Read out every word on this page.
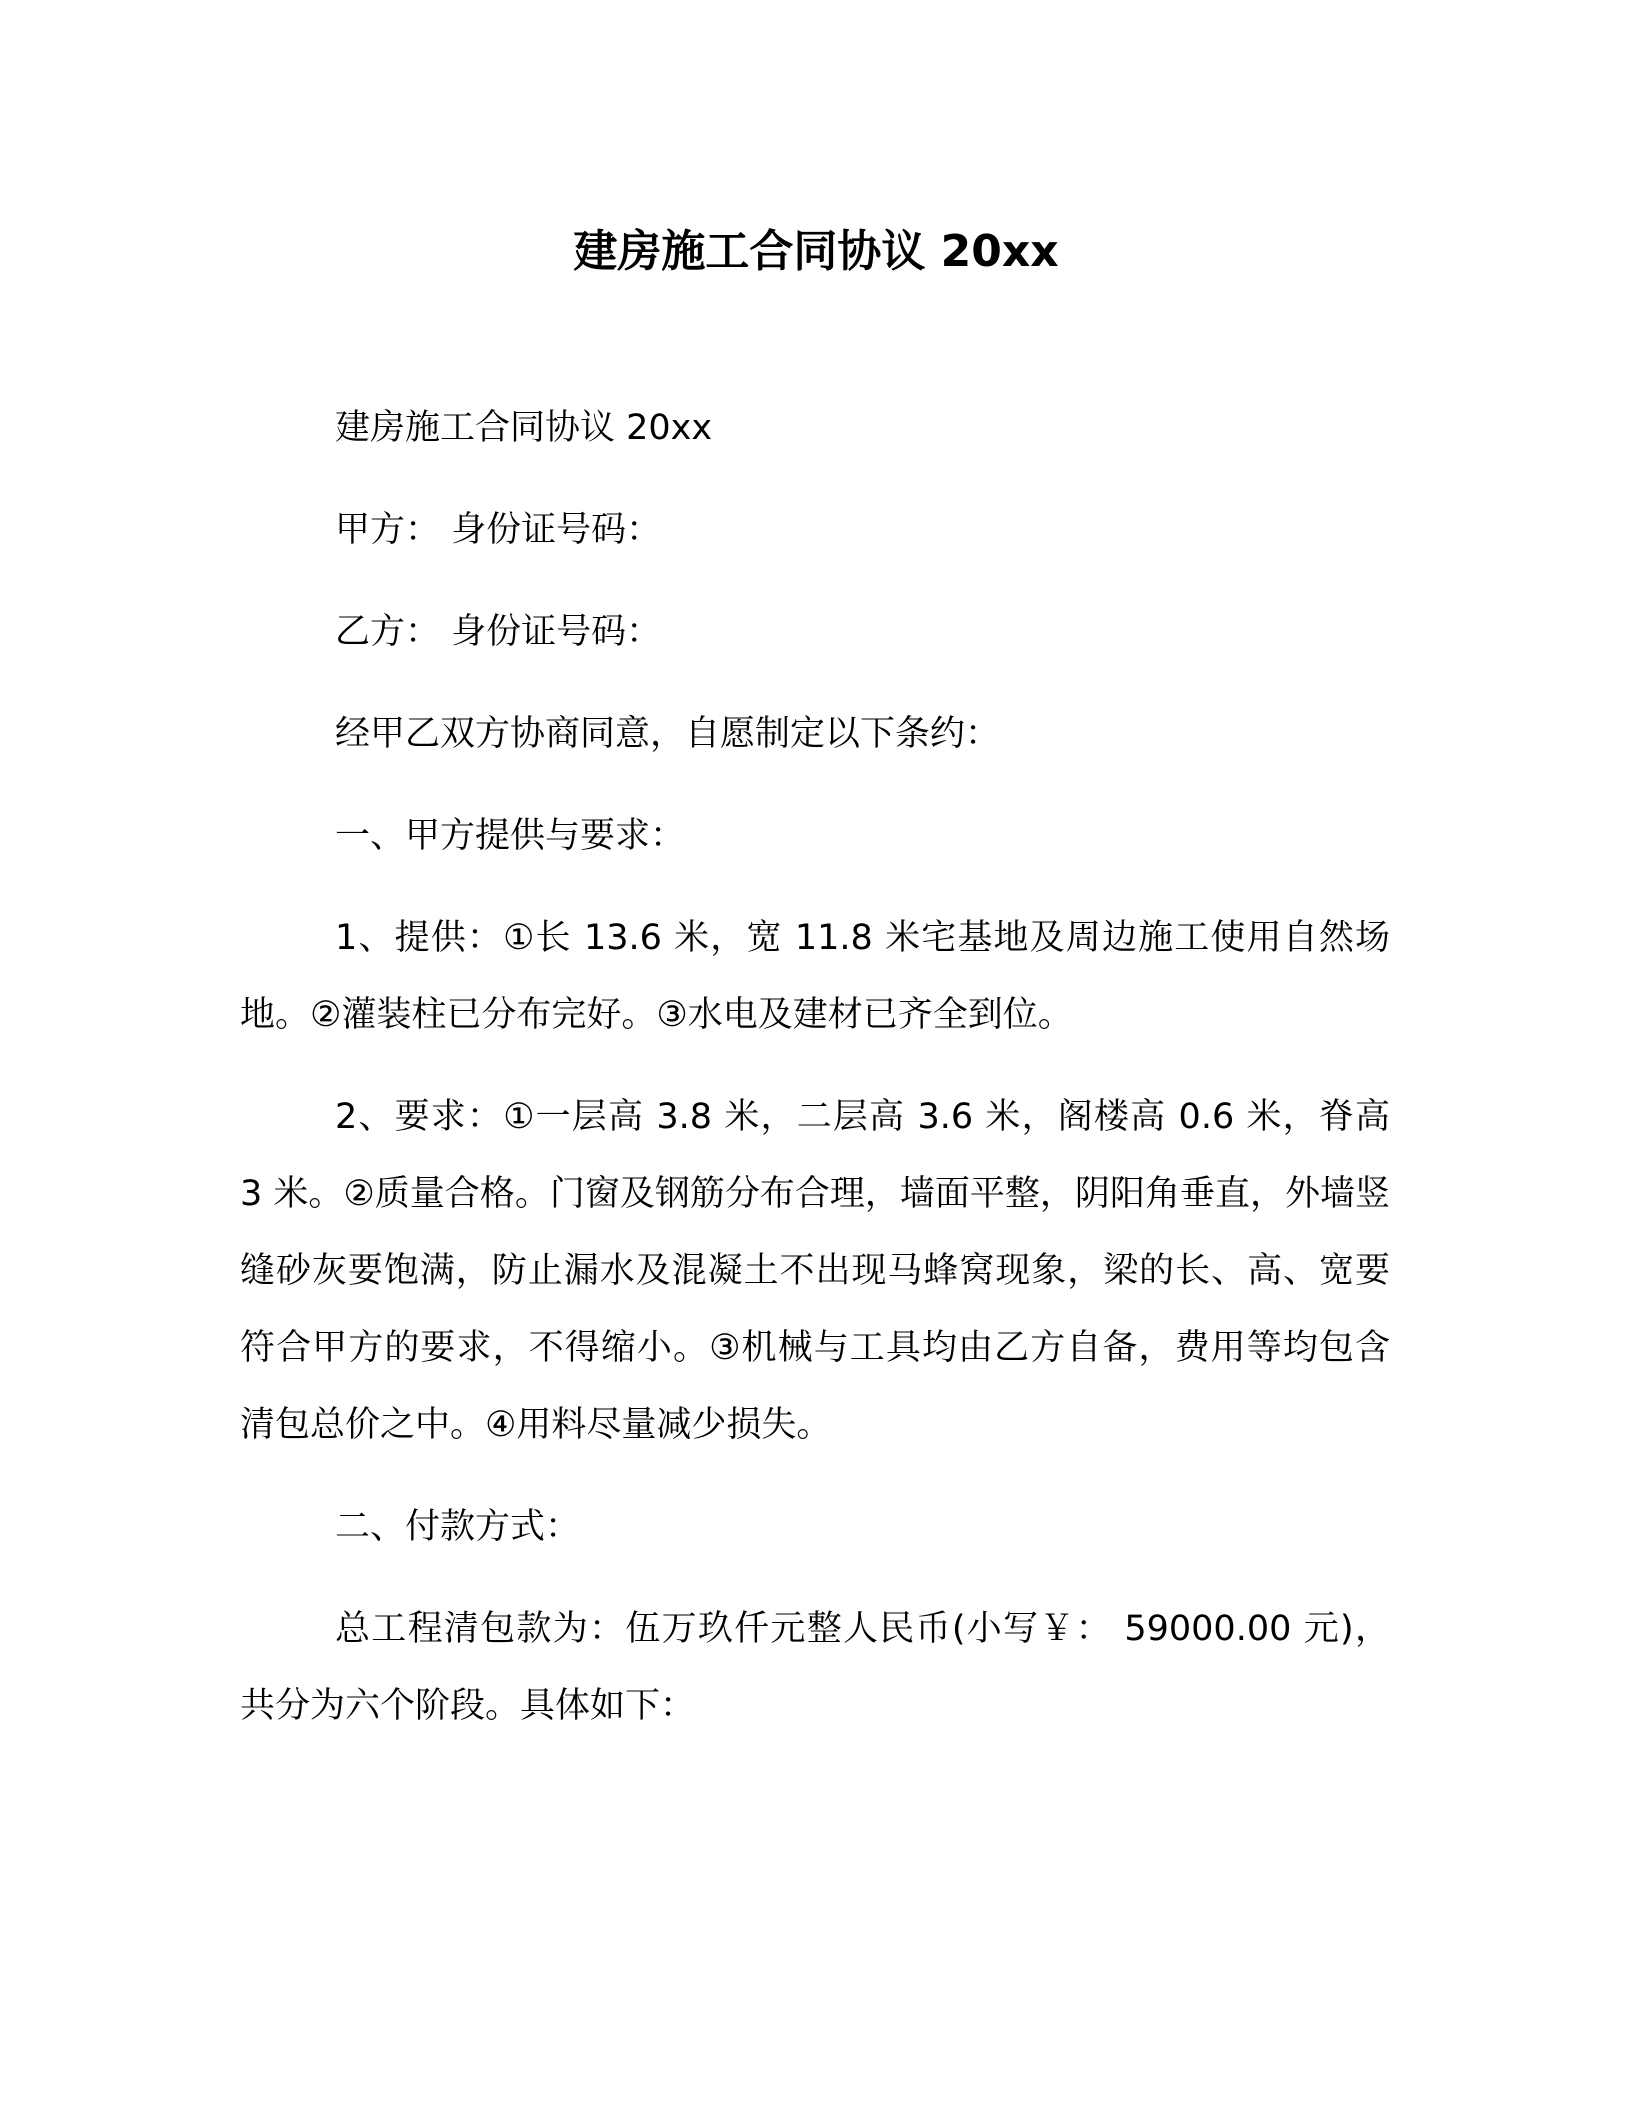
建房施工合同协议 20xx

建房施工合同协议 20xx

甲方： 身份证号码：

乙方： 身份证号码：

经甲乙双方协商同意，自愿制定以下条约：

一、甲方提供与要求：

1、提供：①长 13.6 米，宽 11.8 米宅基地及周边施工使用自然场地。②灌装柱已分布完好。③水电及建材已齐全到位。

2、要求：①一层高 3.8 米，二层高 3.6 米，阁楼高 0.6 米，脊高 3 米。②质量合格。门窗及钢筋分布合理，墙面平整，阴阳角垂直，外墙竖缝砂灰要饱满，防止漏水及混凝土不出现马蜂窝现象，梁的长、高、宽要符合甲方的要求，不得缩小。③机械与工具均由乙方自备，费用等均包含清包总价之中。④用料尽量减少损失。

二、付款方式：

总工程清包款为：伍万玖仟元整人民币(小写￥： 59000.00 元)，共分为六个阶段。具体如下：
